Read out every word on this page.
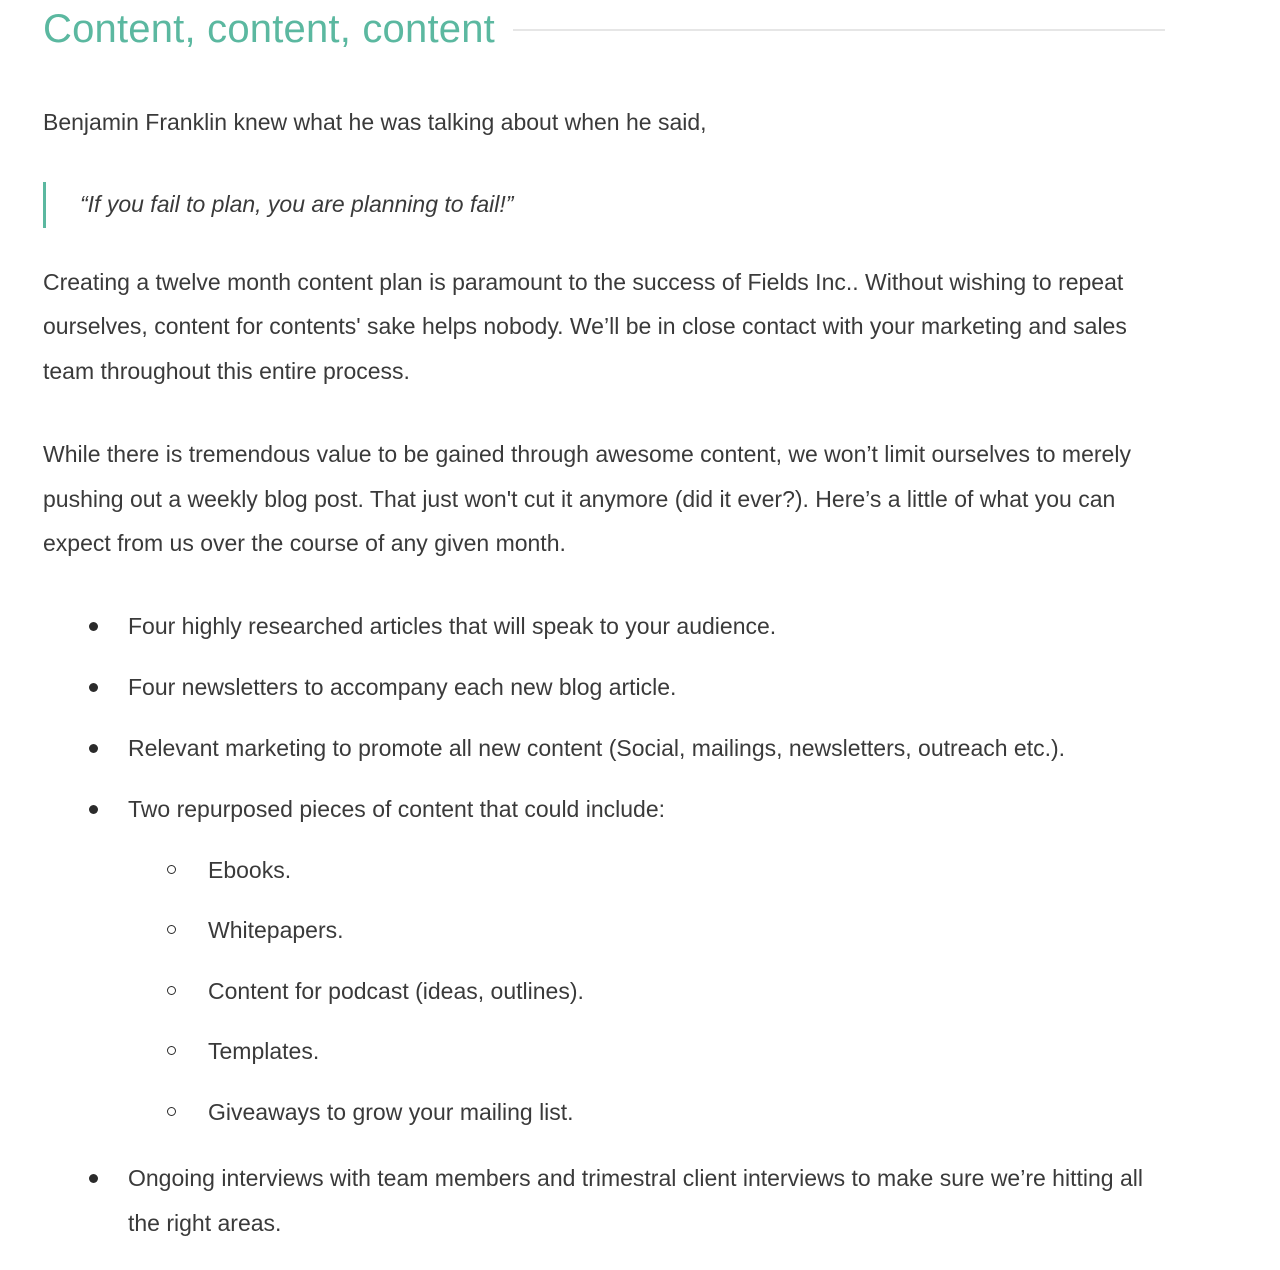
Content, content, content

Benjamin Franklin knew what he was talking about when he said,

“If you fail to plan, you are planning to fail!”

Creating a twelve month content plan is paramount to the success of Fields Inc.. Without wishing to repeat ourselves, content for contents' sake helps nobody. We’ll be in close contact with your marketing and sales team throughout this entire process.

While there is tremendous value to be gained through awesome content, we won’t limit ourselves to merely pushing out a weekly blog post. That just won't cut it anymore (did it ever?). Here’s a little of what you can expect from us over the course of any given month.

Four highly researched articles that will speak to your audience.
Four newsletters to accompany each new blog article.
Relevant marketing to promote all new content (Social, mailings, newsletters, outreach etc.).
Two repurposed pieces of content that could include:
Ebooks.
Whitepapers.
Content for podcast (ideas, outlines).
Templates.
Giveaways to grow your mailing list.
Ongoing interviews with team members and trimestral client interviews to make sure we’re hitting all the right areas.
